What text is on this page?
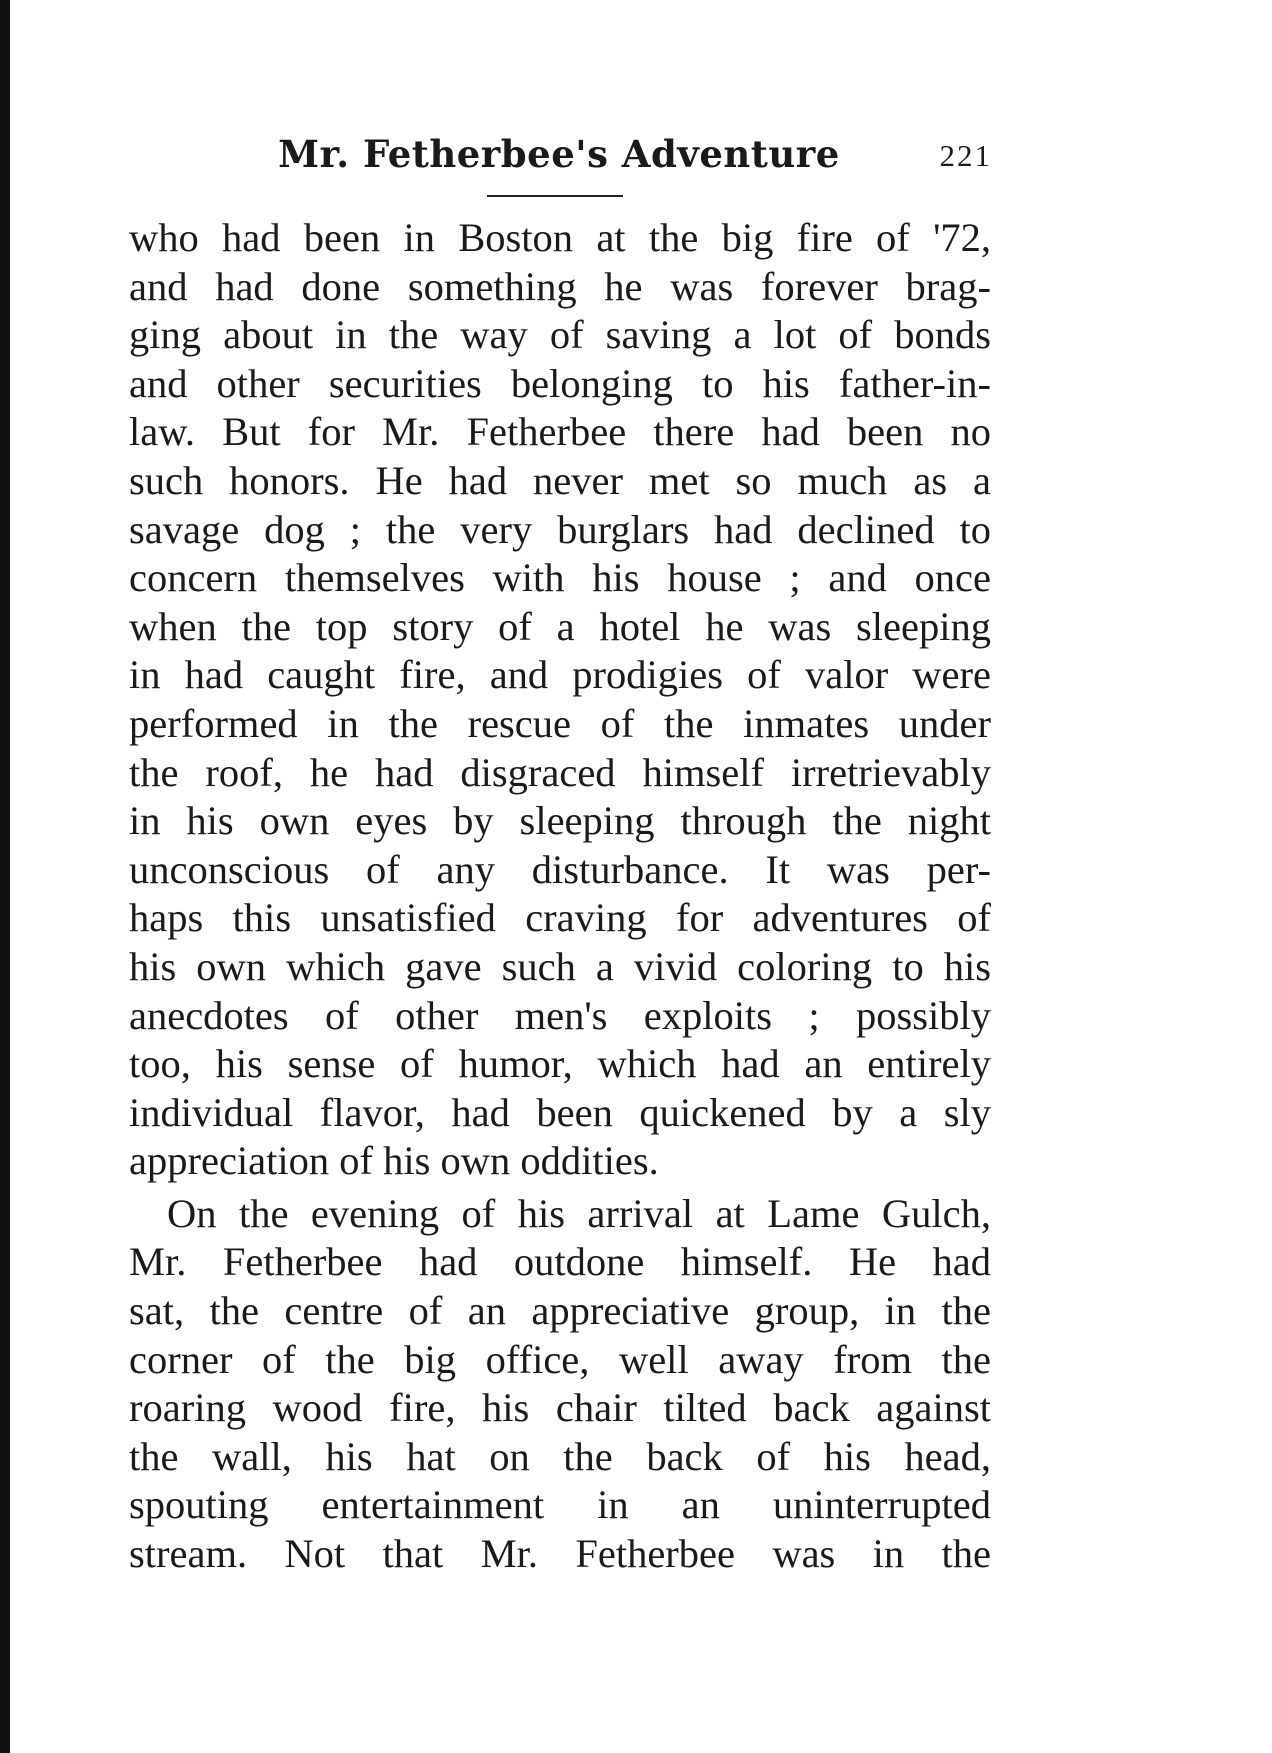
Mr. Fetherbee's Adventure	221
who had been in Boston at the big fire of '72,
and had done something he was forever brag-
ging about in the way of saving a lot of bonds
and other securities belonging to his father-in-
law. But for Mr. Fetherbee there had been no
such honors. He had never met so much as a
savage dog ; the very burglars had declined to
concern themselves with his house ; and once
when the top story of a hotel he was sleeping
in had caught fire, and prodigies of valor were
performed in the rescue of the inmates under
the roof, he had disgraced himself irretrievably
in his own eyes by sleeping through the night
unconscious of any disturbance. It was per-
haps this unsatisfied craving for adventures of
his own which gave such a vivid coloring to his
anecdotes of other men's exploits ; possibly
too, his sense of humor, which had an entirely
individual flavor, had been quickened by a sly
appreciation of his own oddities.
On the evening of his arrival at Lame Gulch,
Mr. Fetherbee had outdone himself. He had
sat, the centre of an appreciative group, in the
corner of the big office, well away from the
roaring wood fire, his chair tilted back against
the wall, his hat on the back of his head,
spouting entertainment in an uninterrupted
stream. Not that Mr. Fetherbee was in the
